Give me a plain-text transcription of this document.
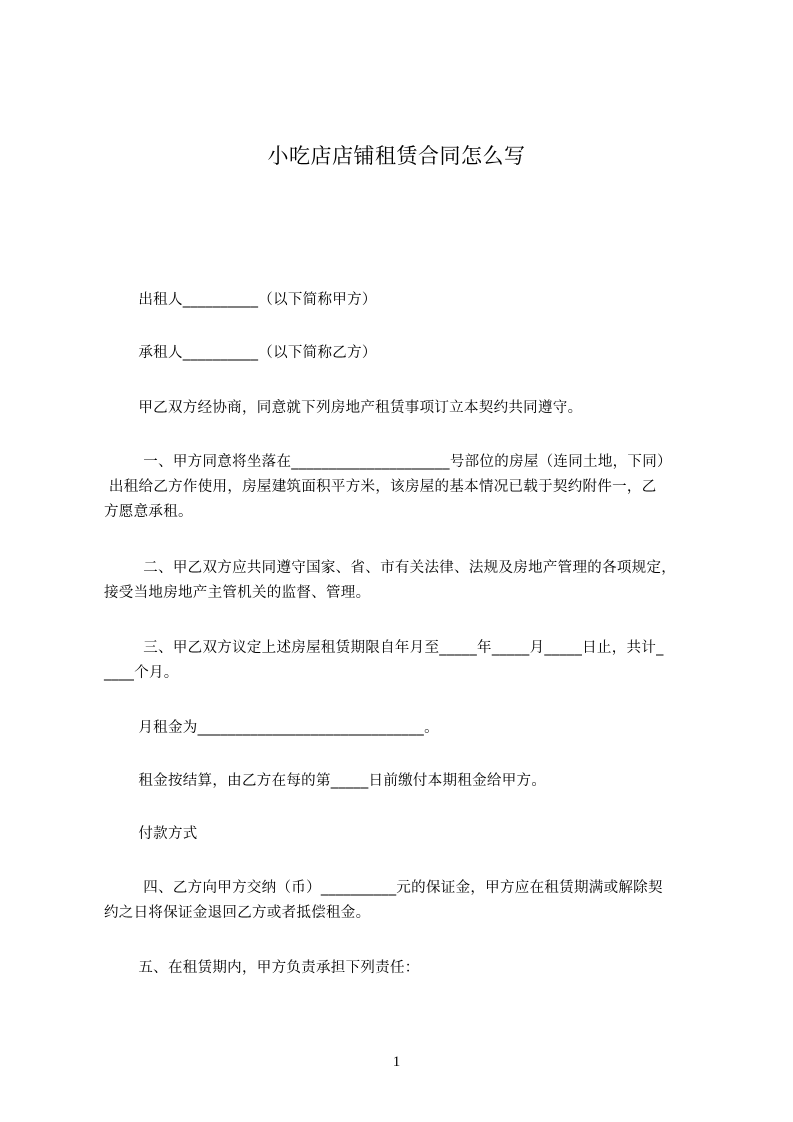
小吃店店铺租赁合同怎么写
出租人__________（以下简称甲方）
承租人__________（以下简称乙方）
甲乙双方经协商，同意就下列房地产租赁事项订立本契约共同遵守。
一、甲方同意将坐落在_____________________号部位的房屋（连同土地，下同）
出租给乙方作使用，房屋建筑面积平方米，该房屋的基本情况已载于契约附件一，乙
方愿意承租。
二、甲乙双方应共同遵守国家、省、市有关法律、法规及房地产管理的各项规定，
接受当地房地产主管机关的监督、管理。
三、甲乙双方议定上述房屋租赁期限自年月至_____年_____月_____日止，共计_
____个月。
月租金为______________________________。
租金按结算，由乙方在每的第_____日前缴付本期租金给甲方。
付款方式
四、乙方向甲方交纳（币）__________元的保证金，甲方应在租赁期满或解除契
约之日将保证金退回乙方或者抵偿租金。
五、在租赁期内，甲方负责承担下列责任：
1
